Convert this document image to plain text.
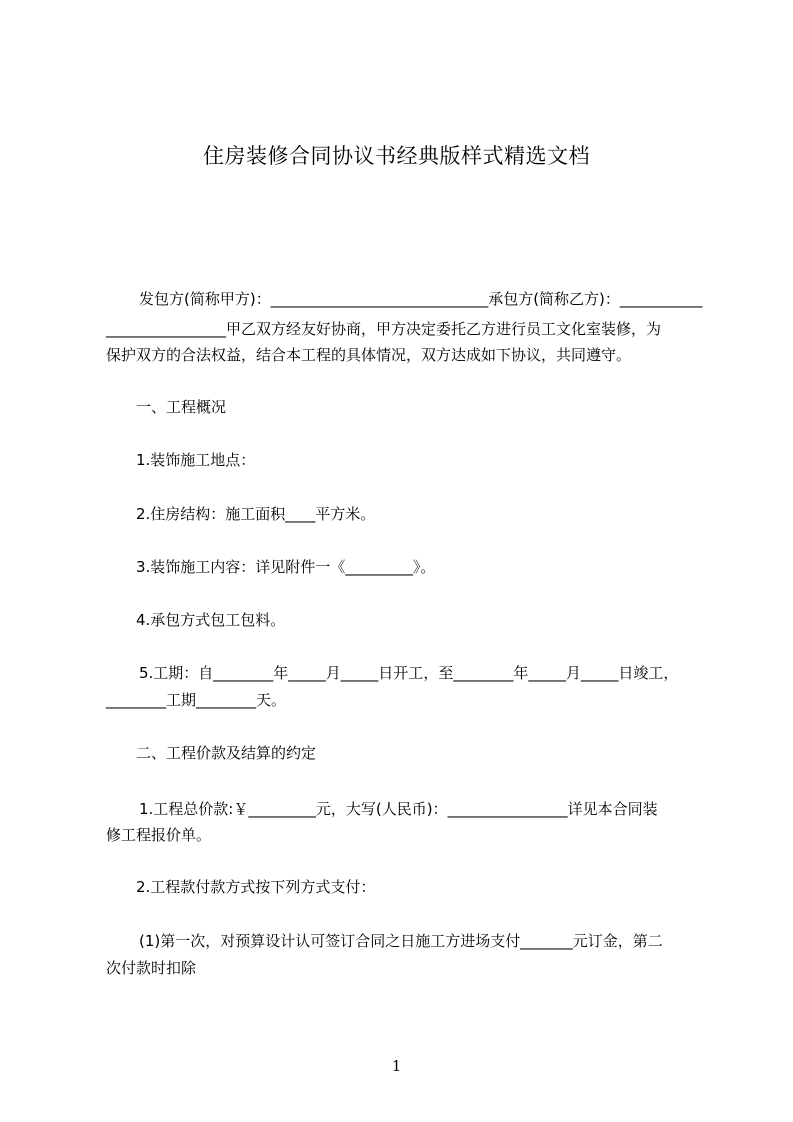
住房装修合同协议书经典版样式精选文档
发包方(简称甲方)：_____________________________承包方(简称乙方)：___________
________________甲乙双方经友好协商，甲方决定委托乙方进行员工文化室装修，为
保护双方的合法权益，结合本工程的具体情况，双方达成如下协议，共同遵守。
一、工程概况
1.装饰施工地点：
2.住房结构：施工面积____平方米。
3.装饰施工内容：详见附件一《_________》。
4.承包方式包工包料。
5.工期：自________年_____月_____日开工，至________年_____月_____日竣工，
________工期________天。
二、工程价款及结算的约定
1.工程总价款:￥_________元，大写(人民币)：________________详见本合同装
修工程报价单。
2.工程款付款方式按下列方式支付：
(1)第一次，对预算设计认可签订合同之日施工方进场支付_______元订金，第二
次付款时扣除
1
